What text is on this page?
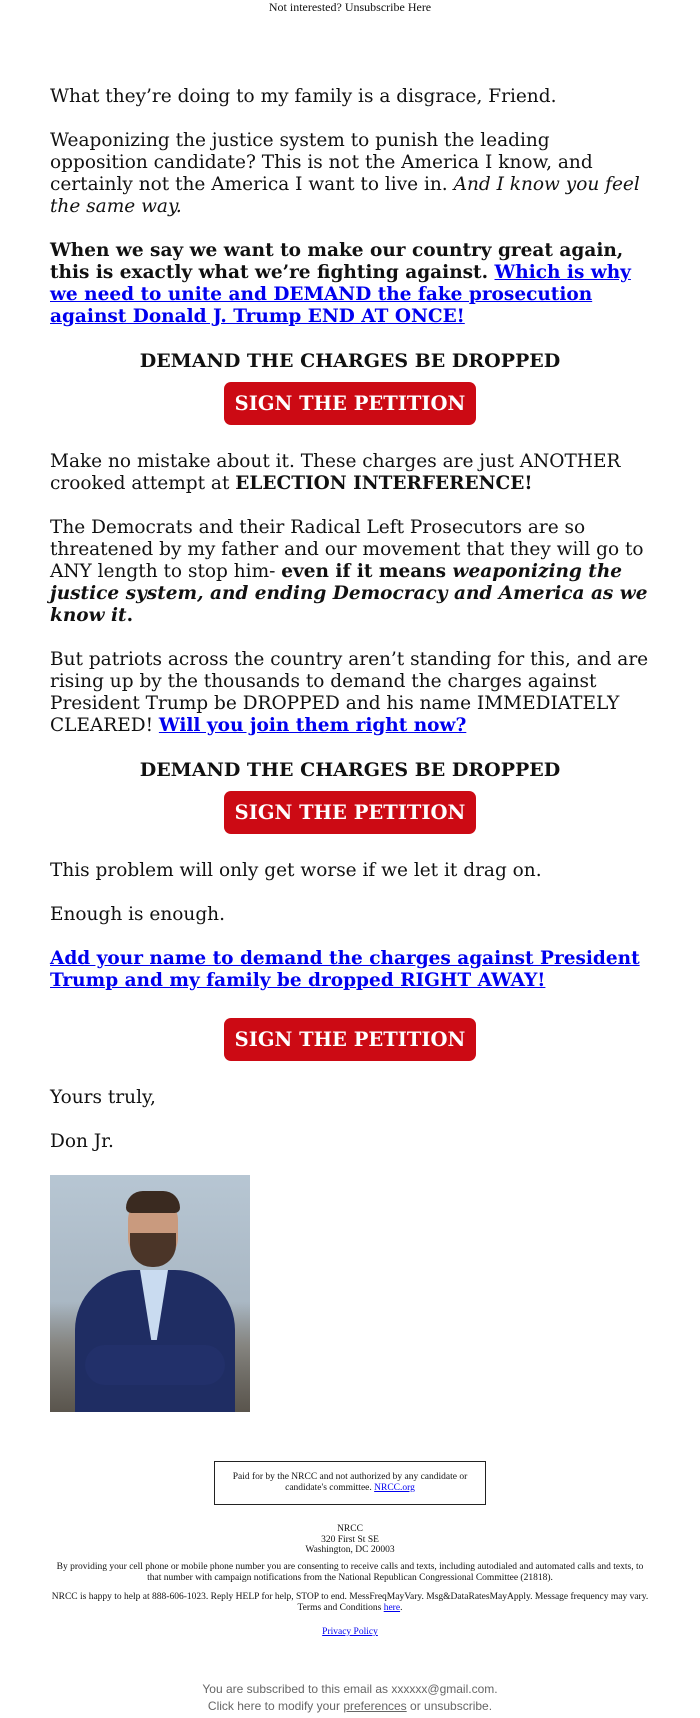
Not interested? Unsubscribe Here

What they’re doing to my family is a disgrace, Friend.

Weaponizing the justice system to punish the leading opposition candidate? This is not the America I know, and certainly not the America I want to live in. And I know you feel the same way.

When we say we want to make our country great again, this is exactly what we’re fighting against. Which is why we need to unite and DEMAND the fake prosecution against Donald J. Trump END AT ONCE!

DEMAND THE CHARGES BE DROPPED
SIGN THE PETITION

Make no mistake about it. These charges are just ANOTHER crooked attempt at ELECTION INTERFERENCE!

The Democrats and their Radical Left Prosecutors are so threatened by my father and our movement that they will go to ANY length to stop him- even if it means weaponizing the justice system, and ending Democracy and America as we know it.

But patriots across the country aren’t standing for this, and are rising up by the thousands to demand the charges against President Trump be DROPPED and his name IMMEDIATELY CLEARED! Will you join them right now?

DEMAND THE CHARGES BE DROPPED
SIGN THE PETITION

This problem will only get worse if we let it drag on.

Enough is enough.

Add your name to demand the charges against President Trump and my family be dropped RIGHT AWAY!

SIGN THE PETITION

Yours truly,

Don Jr.

Paid for by the NRCC and not authorized by any candidate or candidate's committee. NRCC.org
NRCC
320 First St SE
Washington, DC 20003
By providing your cell phone or mobile phone number you are consenting to receive calls and texts, including autodialed and automated calls and texts, to that number with campaign notifications from the National Republican Congressional Committee (21818).
NRCC is happy to help at 888-606-1023. Reply HELP for help, STOP to end. MessFreqMayVary. Msg&DataRatesMayApply. Message frequency may vary. Terms and Conditions here.
Privacy Policy
You are subscribed to this email as xxxxxx@gmail.com.
Click here to modify your preferences or unsubscribe.
